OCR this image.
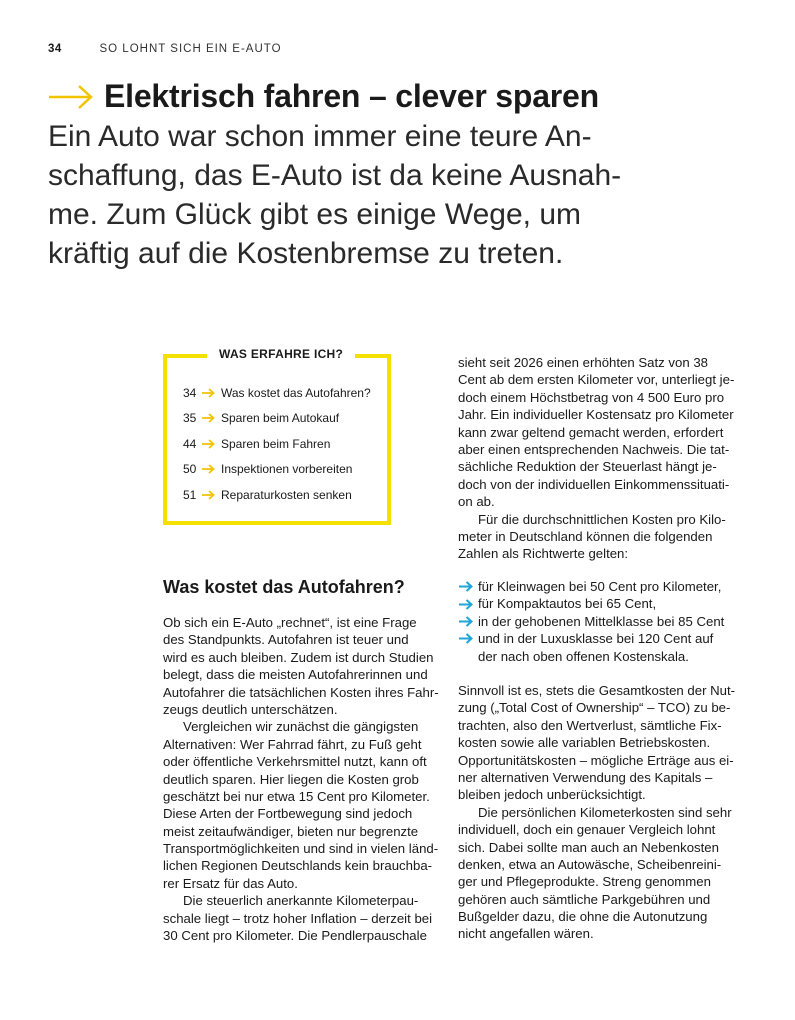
34	SO LOHNT SICH EIN E-AUTO
Elektrisch fahren – clever sparen

Ein Auto war schon immer eine teure An-
schaffung, das E-Auto ist da keine Ausnah-
me. Zum Glück gibt es einige Wege, um
kräftig auf die Kostenbremse zu treten.

WAS ERFAHRE ICH?
34 Was kostet das Autofahren?
35 Sparen beim Autokauf
44 Sparen beim Fahren
50 Inspektionen vorbereiten
51 Reparaturkosten senken
Was kostet das Autofahren?
Ob sich ein E-Auto „rechnet“, ist eine Frage
des Standpunkts. Autofahren ist teuer und
wird es auch bleiben. Zudem ist durch Studien
belegt, dass die meisten Autofahrerinnen und
Autofahrer die tatsächlichen Kosten ihres Fahr-
zeugs deutlich unterschätzen.
Vergleichen wir zunächst die gängigsten
Alternativen: Wer Fahrrad fährt, zu Fuß geht
oder öffentliche Verkehrsmittel nutzt, kann oft
deutlich sparen. Hier liegen die Kosten grob
geschätzt bei nur etwa 15 Cent pro Kilometer.
Diese Arten der Fortbewegung sind jedoch
meist zeitaufwändiger, bieten nur begrenzte
Transportmöglichkeiten und sind in vielen länd-
lichen Regionen Deutschlands kein brauchba-
rer Ersatz für das Auto.
Die steuerlich anerkannte Kilometerpau-
schale liegt – trotz hoher Inflation – derzeit bei
30 Cent pro Kilometer. Die Pendlerpauschale
sieht seit 2026 einen erhöhten Satz von 38
Cent ab dem ersten Kilometer vor, unterliegt je-
doch einem Höchstbetrag von 4 500 Euro pro
Jahr. Ein individueller Kostensatz pro Kilometer
kann zwar geltend gemacht werden, erfordert
aber einen entsprechenden Nachweis. Die tat-
sächliche Reduktion der Steuerlast hängt je-
doch von der individuellen Einkommenssituati-
on ab.
Für die durchschnittlichen Kosten pro Kilo-
meter in Deutschland können die folgenden
Zahlen als Richtwerte gelten:
für Kleinwagen bei 50 Cent pro Kilometer,
für Kompaktautos bei 65 Cent,
in der gehobenen Mittelklasse bei 85 Cent
und in der Luxusklasse bei 120 Cent auf
der nach oben offenen Kostenskala.
Sinnvoll ist es, stets die Gesamtkosten der Nut-
zung („Total Cost of Ownership“ – TCO) zu be-
trachten, also den Wertverlust, sämtliche Fix-
kosten sowie alle variablen Betriebskosten.
Opportunitätskosten – mögliche Erträge aus ei-
ner alternativen Verwendung des Kapitals –
bleiben jedoch unberücksichtigt.
Die persönlichen Kilometerkosten sind sehr
individuell, doch ein genauer Vergleich lohnt
sich. Dabei sollte man auch an Nebenkosten
denken, etwa an Autowäsche, Scheibenreini-
ger und Pflegeprodukte. Streng genommen
gehören auch sämtliche Parkgebühren und
Bußgelder dazu, die ohne die Autonutzung
nicht angefallen wären.
